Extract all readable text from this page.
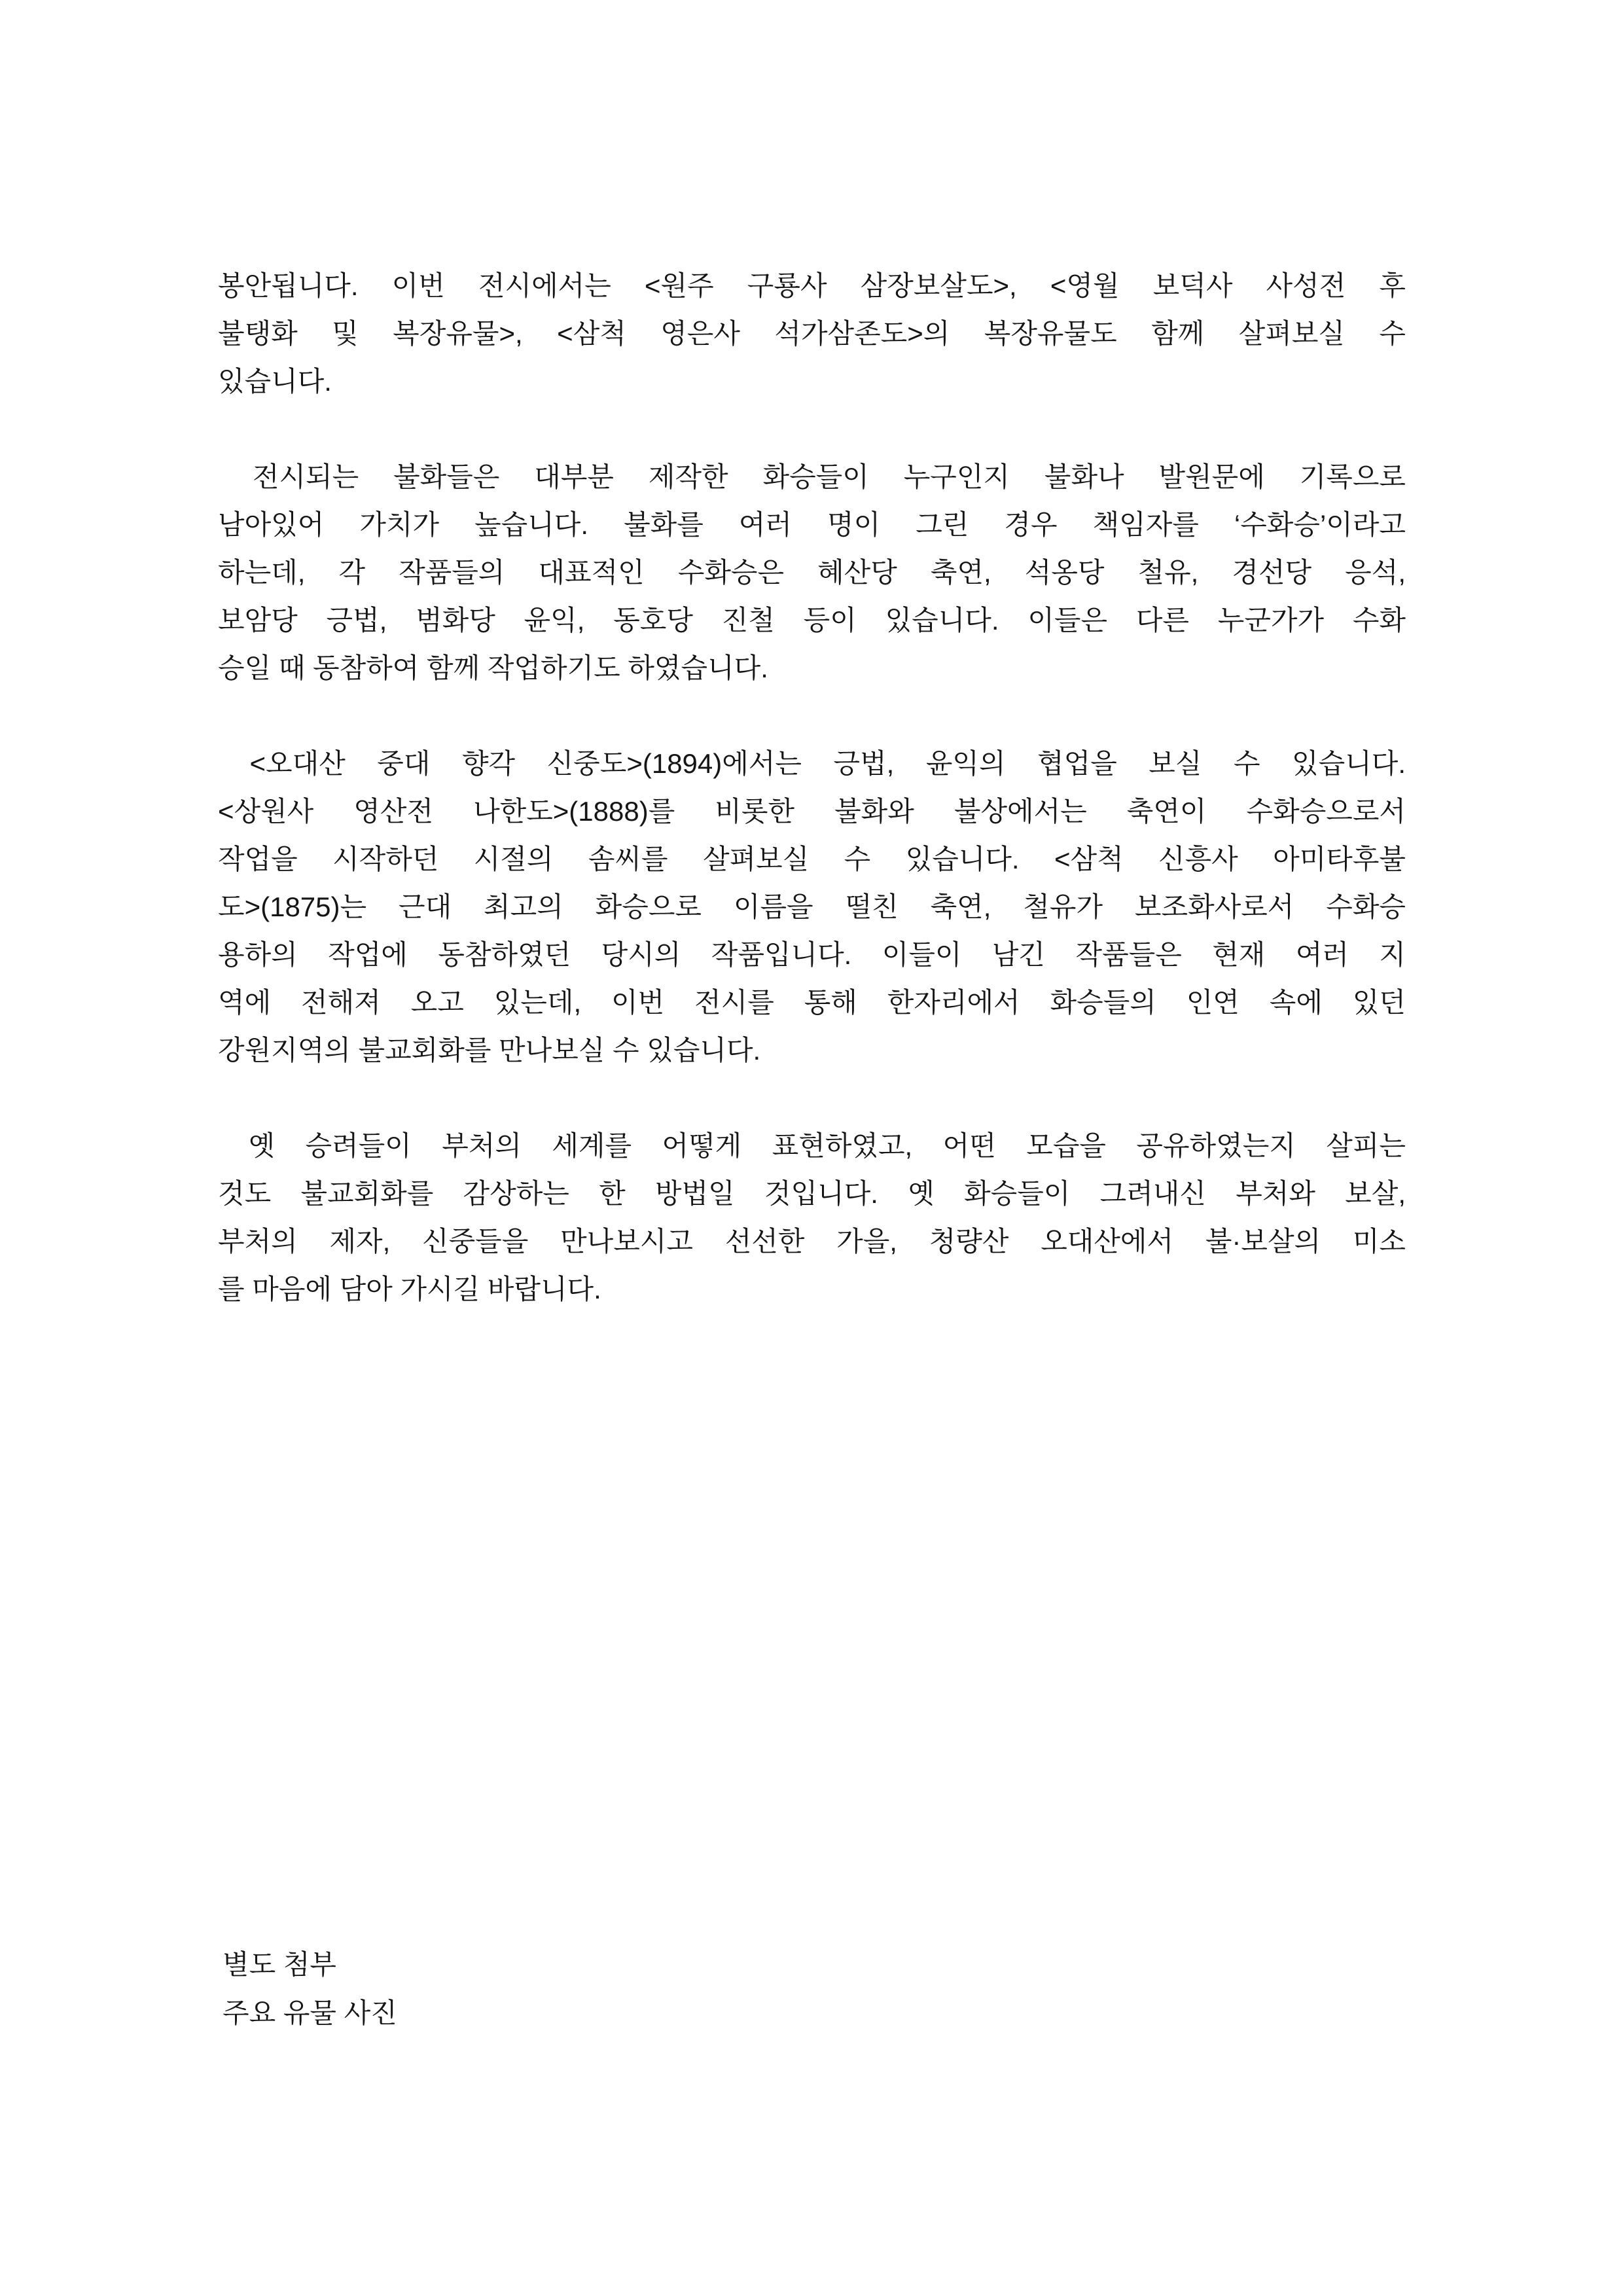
봉안됩니다. 이번 전시에서는 <원주 구룡사 삼장보살도>, <영월 보덕사 사성전 후
불탱화 및 복장유물>, <삼척 영은사 석가삼존도>의 복장유물도 함께 살펴보실 수
있습니다.
전시되는 불화들은 대부분 제작한 화승들이 누구인지 불화나 발원문에 기록으로
남아있어 가치가 높습니다. 불화를 여러 명이 그린 경우 책임자를 ‘수화승’이라고
하는데, 각 작품들의 대표적인 수화승은 혜산당 축연, 석옹당 철유, 경선당 응석,
보암당 긍법, 범화당 윤익, 동호당 진철 등이 있습니다. 이들은 다른 누군가가 수화
승일 때 동참하여 함께 작업하기도 하였습니다.
<오대산 중대 향각 신중도>(1894)에서는 긍법, 윤익의 협업을 보실 수 있습니다.
<상원사 영산전 나한도>(1888)를 비롯한 불화와 불상에서는 축연이 수화승으로서
작업을 시작하던 시절의 솜씨를 살펴보실 수 있습니다. <삼척 신흥사 아미타후불
도>(1875)는 근대 최고의 화승으로 이름을 떨친 축연, 철유가 보조화사로서 수화승
용하의 작업에 동참하였던 당시의 작품입니다. 이들이 남긴 작품들은 현재 여러 지
역에 전해져 오고 있는데, 이번 전시를 통해 한자리에서 화승들의 인연 속에 있던
강원지역의 불교회화를 만나보실 수 있습니다.
옛 승려들이 부처의 세계를 어떻게 표현하였고, 어떤 모습을 공유하였는지 살피는
것도 불교회화를 감상하는 한 방법일 것입니다. 옛 화승들이 그려내신 부처와 보살,
부처의 제자, 신중들을 만나보시고 선선한 가을, 청량산 오대산에서 불·보살의 미소
를 마음에 담아 가시길 바랍니다.
별도 첨부
주요 유물 사진
